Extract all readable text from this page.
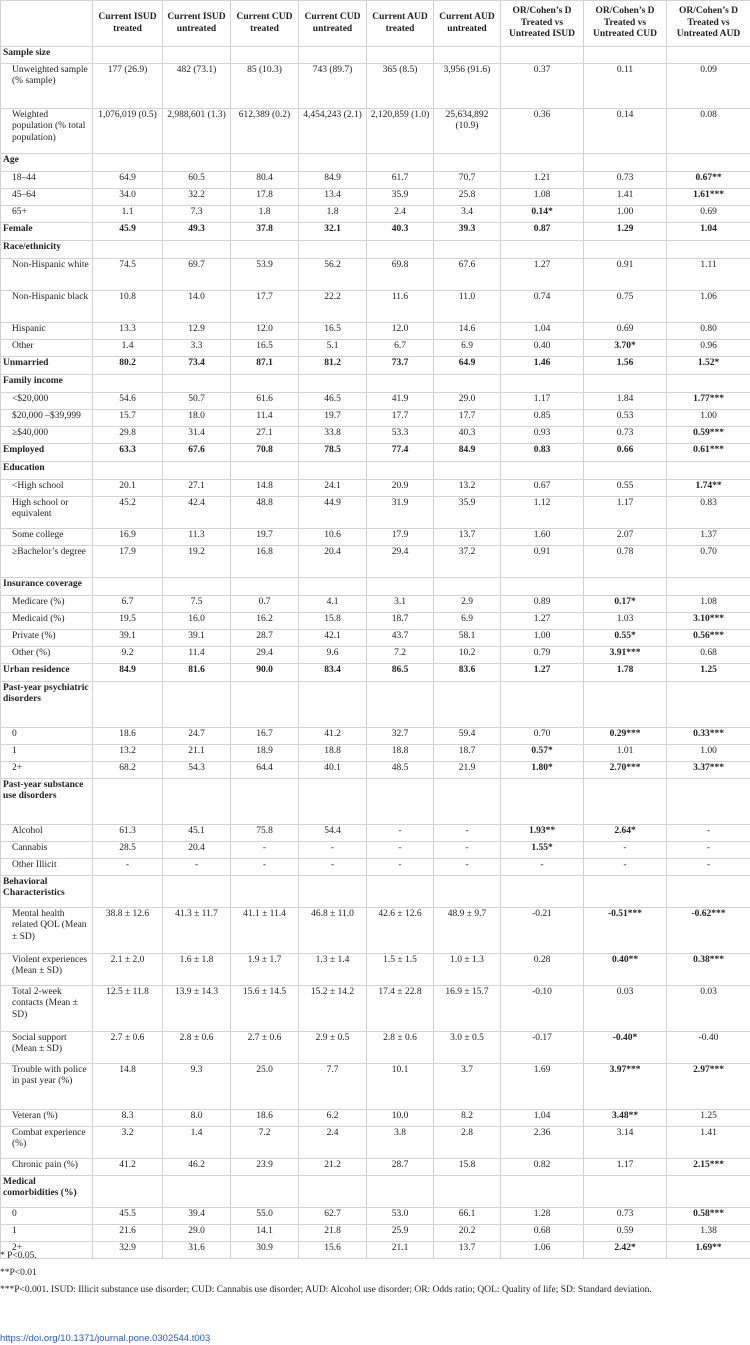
	Current ISUD treated	Current ISUD untreated	Current CUD treated	Current CUD untreated	Current AUD treated	Current AUD untreated	OR/Cohen’s D Treated vs Untreated ISUD	OR/Cohen’s D Treated vs Untreated CUD	OR/Cohen’s D Treated vs Untreated AUD
Sample size									
Unweighted sample (% sample)	177 (26.9)	482 (73.1)	85 (10.3)	743 (89.7)	365 (8.5)	3,956 (91.6)	0.37	0.11	0.09
Weighted population (% total population)	1,076,019 (0.5)	2,988,601 (1.3)	612,389 (0.2)	4,454,243 (2.1)	2,120,859 (1.0)	25,634,892 (10.9)	0.36	0.14	0.08
Age									
18–44	64.9	60.5	80.4	84.9	61.7	70.7	1.21	0.73	0.67**
45–64	34.0	32.2	17.8	13.4	35.9	25.8	1.08	1.41	1.61***
65+	1.1	7.3	1.8	1.8	2.4	3.4	0.14*	1.00	0.69
Female	45.9	49.3	37.8	32.1	40.3	39.3	0.87	1.29	1.04
Race/ethnicity									
Non-Hispanic white	74.5	69.7	53.9	56.2	69.8	67.6	1.27	0.91	1.11
Non-Hispanic black	10.8	14.0	17.7	22.2	11.6	11.0	0.74	0.75	1.06
Hispanic	13.3	12.9	12.0	16.5	12.0	14.6	1.04	0.69	0.80
Other	1.4	3.3	16.5	5.1	6.7	6.9	0.40	3.70*	0.96
Unmarried	80.2	73.4	87.1	81.2	73.7	64.9	1.46	1.56	1.52*
Family income									
<$20,000	54.6	50.7	61.6	46.5	41.9	29.0	1.17	1.84	1.77***
$20,000 –$39,999	15.7	18.0	11.4	19.7	17.7	17.7	0.85	0.53	1.00
≥$40,000	29.8	31.4	27.1	33.8	53.3	40.3	0.93	0.73	0.59***
Employed	63.3	67.6	70.8	78.5	77.4	84.9	0.83	0.66	0.61***
Education									
<High school	20.1	27.1	14.8	24.1	20.9	13.2	0.67	0.55	1.74**
High school or equivalent	45.2	42.4	48.8	44.9	31.9	35.9	1.12	1.17	0.83
Some college	16.9	11.3	19.7	10.6	17.9	13.7	1.60	2.07	1.37
≥Bachelor’s degree	17.9	19.2	16.8	20.4	29.4	37.2	0.91	0.78	0.70
Insurance coverage									
Medicare (%)	6.7	7.5	0.7	4.1	3.1	2.9	0.89	0.17*	1.08
Medicaid (%)	19.5	16.0	16.2	15.8	18.7	6.9	1.27	1.03	3.10***
Private (%)	39.1	39.1	28.7	42.1	43.7	58.1	1.00	0.55*	0.56***
Other (%)	9.2	11.4	29.4	9.6	7.2	10.2	0.79	3.91***	0.68
Urban residence	84.9	81.6	90.0	83.4	86.5	83.6	1.27	1.78	1.25
Past-year psychiatric disorders									
0	18.6	24.7	16.7	41.2	32.7	59.4	0.70	0.29***	0.33***
1	13.2	21.1	18.9	18.8	18.8	18.7	0.57*	1.01	1.00
2+	68.2	54.3	64.4	40.1	48.5	21.9	1.80*	2.70***	3.37***
Past-year substance use disorders									
Alcohol	61.3	45.1	75.8	54.4	-	-	1.93**	2.64*	-
Cannabis	28.5	20.4	-	-	-	-	1.55*	-	-
Other Illicit	-	-	-	-	-	-	-	-	-
Behavioral Characteristics									
Mental health related QOL (Mean ± SD)	38.8 ± 12.6	41.3 ± 11.7	41.1 ± 11.4	46.8 ± 11.0	42.6 ± 12.6	48.9 ± 9.7	-0.21	-0.51***	-0.62***
Violent experiences (Mean ± SD)	2.1 ± 2.0	1.6 ± 1.8	1.9 ± 1.7	1.3 ± 1.4	1.5 ± 1.5	1.0 ± 1.3	0.28	0.40**	0.38***
Total 2-week contacts (Mean ± SD)	12.5 ± 11.8	13.9 ± 14.3	15.6 ± 14.5	15.2 ± 14.2	17.4 ± 22.8	16.9 ± 15.7	-0.10	0.03	0.03
Social support (Mean ± SD)	2.7 ± 0.6	2.8 ± 0.6	2.7 ± 0.6	2.9 ± 0.5	2.8 ± 0.6	3.0 ± 0.5	-0.17	-0.40*	-0.40
Trouble with police in past year (%)	14.8	9.3	25.0	7.7	10.1	3.7	1.69	3.97***	2.97***
Veteran (%)	8.3	8.0	18.6	6.2	10.0	8.2	1.04	3.48**	1.25
Combat experience (%)	3.2	1.4	7.2	2.4	3.8	2.8	2.36	3.14	1.41
Chronic pain (%)	41.2	46.2	23.9	21.2	28.7	15.8	0.82	1.17	2.15***
Medical comorbidities (%)									
0	45.5	39.4	55.0	62.7	53.0	66.1	1.28	0.73	0.58***
1	21.6	29.0	14.1	21.8	25.9	20.2	0.68	0.59	1.38
2+	32.9	31.6	30.9	15.6	21.1	13.7	1.06	2.42*	1.69**

* P<0.05.

**P<0.01

***P<0.001. ISUD: Illicit substance use disorder; CUD: Cannabis use disorder; AUD: Alcohol use disorder; OR: Odds ratio; QOL: Quality of life; SD: Standard deviation.

https://doi.org/10.1371/journal.pone.0302544.t003
